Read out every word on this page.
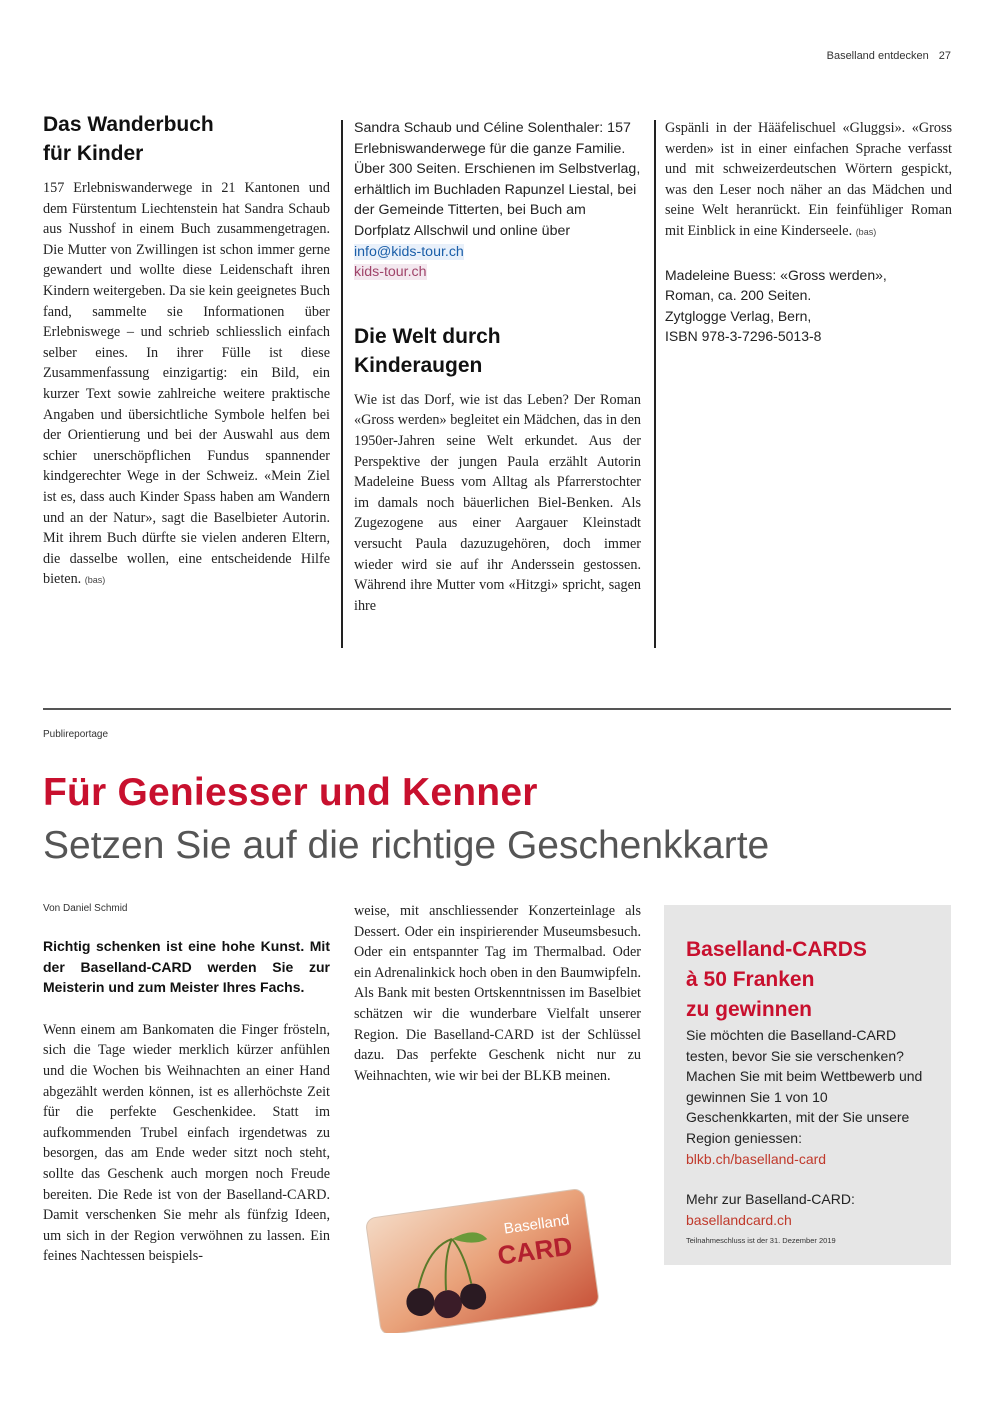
Baselland entdecken 27
Das Wanderbuch
für Kinder

157 Erlebniswanderwege in 21 Kantonen und dem Fürstentum Liechtenstein hat Sandra Schaub aus Nusshof in einem Buch zusammengetragen. Die Mutter von Zwillingen ist schon immer gerne gewandert und wollte diese Leidenschaft ihren Kindern weitergeben. Da sie kein geeignetes Buch fand, sammelte sie Informationen über Erlebniswege – und schrieb schliesslich einfach selber eines. In ihrer Fülle ist diese Zusammenfassung einzigartig: ein Bild, ein kurzer Text sowie zahlreiche weitere praktische Angaben und übersichtliche Symbole helfen bei der Orientierung und bei der Auswahl aus dem schier unerschöpflichen Fundus spannender kindgerechter Wege in der Schweiz. «Mein Ziel ist es, dass auch Kinder Spass haben am Wandern und an der Natur», sagt die Baselbieter Autorin. Mit ihrem Buch dürfte sie vielen anderen Eltern, die dasselbe wollen, eine entscheidende Hilfe bieten. (bas)

Sandra Schaub und Céline Solenthaler: 157 Erlebniswanderwege für die ganze Familie. Über 300 Seiten. Erschienen im Selbstverlag, erhältlich im Buchladen Rapunzel Liestal, bei der Gemeinde Titterten, bei Buch am Dorfplatz Allschwil und online über info@kids-tour.ch
kids-tour.ch

Die Welt durch
Kinderaugen

Wie ist das Dorf, wie ist das Leben? Der Roman «Gross werden» begleitet ein Mädchen, das in den 1950er-Jahren seine Welt erkundet. Aus der Perspektive der jungen Paula erzählt Autorin Madeleine Buess vom Alltag als Pfarrerstochter im damals noch bäuerlichen Biel-Benken. Als Zugezogene aus einer Aargauer Kleinstadt versucht Paula dazuzugehören, doch immer wieder wird sie auf ihr Anderssein gestossen. Während ihre Mutter vom «Hitzgi» spricht, sagen ihre

Gspänli in der Hääfelischuel «Gluggsi». «Gross werden» ist in einer einfachen Sprache verfasst und mit schweizerdeutschen Wörtern gespickt, was den Leser noch näher an das Mädchen und seine Welt heranrückt. Ein feinfühliger Roman mit Einblick in eine Kinderseele. (bas)

Madeleine Buess: «Gross werden»,
Roman, ca. 200 Seiten.
Zytglogge Verlag, Bern,
ISBN 978-3-7296-5013-8

Publireportage
Für Geniesser und Kenner
Setzen Sie auf die richtige Geschenkkarte

Von Daniel Schmid

Richtig schenken ist eine hohe Kunst. Mit der Baselland-CARD werden Sie zur Meisterin und zum Meister Ihres Fachs.

Wenn einem am Bankomaten die Finger frösteln, sich die Tage wieder merklich kürzer anfühlen und die Wochen bis Weihnachten an einer Hand abgezählt werden können, ist es allerhöchste Zeit für die perfekte Geschenkidee. Statt im aufkommenden Trubel einfach irgendetwas zu besorgen, das am Ende weder sitzt noch steht, sollte das Geschenk auch morgen noch Freude bereiten. Die Rede ist von der Baselland-CARD. Damit verschenken Sie mehr als fünfzig Ideen, um sich in der Region verwöhnen zu lassen. Ein feines Nachtessen beispiels-

weise, mit anschliessender Konzerteinlage als Dessert. Oder ein inspirierender Museumsbesuch. Oder ein entspannter Tag im Thermalbad. Oder ein Adrenalinkick hoch oben in den Baumwipfeln. Als Bank mit besten Ortskenntnissen im Baselbiet schätzen wir die wunderbare Vielfalt unserer Region. Die Baselland-CARD ist der Schlüssel dazu. Das perfekte Geschenk nicht nur zu Weihnachten, wie wir bei der BLKB meinen.

Baselland
CARD
Baselland-CARDS
à 50 Franken
zu gewinnen

Sie möchten die Baselland-CARD testen, bevor Sie sie verschenken? Machen Sie mit beim Wettbewerb und gewinnen Sie 1 von 10 Geschenkkarten, mit der Sie unsere Region geniessen:
blkb.ch/baselland-card

Mehr zur Baselland-CARD:
basellandcard.ch

Teilnahmeschluss ist der 31. Dezember 2019
